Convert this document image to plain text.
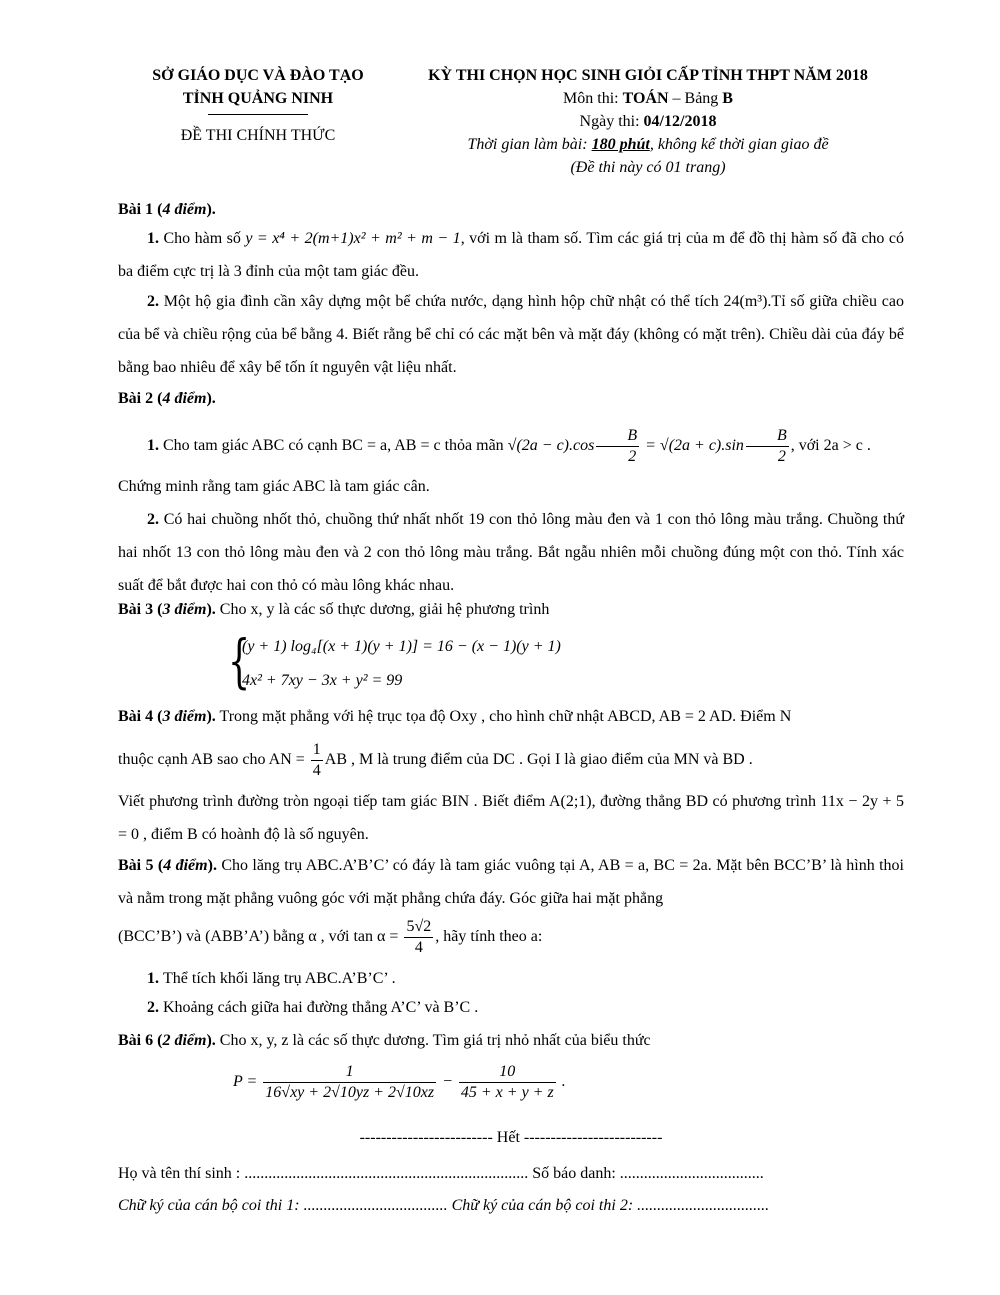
SỞ GIÁO DỤC VÀ ĐÀO TẠO
TỈNH QUẢNG NINH
ĐỀ THI CHÍNH THỨC
KỲ THI CHỌN HỌC SINH GIỎI CẤP TỈNH THPT NĂM 2018
Môn thi: TOÁN – Bảng B
Ngày thi: 04/12/2018
Thời gian làm bài: 180 phút, không kể thời gian giao đề
(Đề thi này có 01 trang)
Bài 1 (4 điểm).
1. Cho hàm số y = x⁴ + 2(m+1)x² + m² + m − 1, với m là tham số. Tìm các giá trị của m để đồ thị hàm số đã cho có ba điểm cực trị là 3 đỉnh của một tam giác đều.
2. Một hộ gia đình cần xây dựng một bể chứa nước, dạng hình hộp chữ nhật có thể tích 24(m³).Tỉ số giữa chiều cao của bể và chiều rộng của bể bằng 4. Biết rằng bể chỉ có các mặt bên và mặt đáy (không có mặt trên). Chiều dài của đáy bể bằng bao nhiêu để xây bể tốn ít nguyên vật liệu nhất.
Bài 2 (4 điểm).
1. Cho tam giác ABC có cạnh BC = a, AB = c thỏa mãn $√(2a - c).\cos \frac{B}{2} = √(2a + c).\sin \frac{B}{2}$ , với 2a > c .
Chứng minh rằng tam giác ABC là tam giác cân.
2. Có hai chuồng nhốt thỏ, chuồng thứ nhất nhốt 19 con thỏ lông màu đen và 1 con thỏ lông màu trắng. Chuồng thứ hai nhốt 13 con thỏ lông màu đen và 2 con thỏ lông màu trắng. Bắt ngẫu nhiên mỗi chuồng đúng một con thỏ. Tính xác suất để bắt được hai con thỏ có màu lông khác nhau.
Bài 3 (3 điểm). Cho x, y là các số thực dương, giải hệ phương trình
{
(y + 1) log₄[(x + 1)(y + 1)] = 16 − (x − 1)(y + 1)
4x² + 7xy − 3x + y² = 99
Bài 4 (3 điểm). Trong mặt phẳng với hệ trục tọa độ Oxy , cho hình chữ nhật ABCD, AB = 2 AD. Điểm N
thuộc cạnh AB sao cho AN = $\frac{1}{4}$ AB , M là trung điểm của DC . Gọi I là giao điểm của MN và BD .
Viết phương trình đường tròn ngoại tiếp tam giác BIN . Biết điểm A(2;1), đường thẳng BD có phương trình 11x − 2y + 5 = 0 , điểm B có hoành độ là số nguyên.
Bài 5 (4 điểm). Cho lăng trụ ABC.A’B’C’ có đáy là tam giác vuông tại A, AB = a, BC = 2a. Mặt bên BCC’B’ là hình thoi và nằm trong mặt phẳng vuông góc với mặt phẳng chứa đáy. Góc giữa hai mặt phẳng
(BCC’B’) và (ABB’A’) bằng α , với $\tan \alpha = \frac{5√2}{4}$ , hãy tính theo a:
1. Thể tích khối lăng trụ ABC.A’B’C’ .
2. Khoảng cách giữa hai đường thẳng A’C’ và B’C .
Bài 6 (2 điểm). Cho x, y, z là các số thực dương. Tìm giá trị nhỏ nhất của biểu thức
$P = \frac{1}{16√xy + 2√10yz + 2√10xz} - \frac{10}{45 + x + y + z}$ .
------------------------- Hết --------------------------
Họ và tên thí sinh : ....................................................................... Số báo danh: ....................................
Chữ ký của cán bộ coi thi 1: .................................... Chữ ký của cán bộ coi thi 2: .................................
